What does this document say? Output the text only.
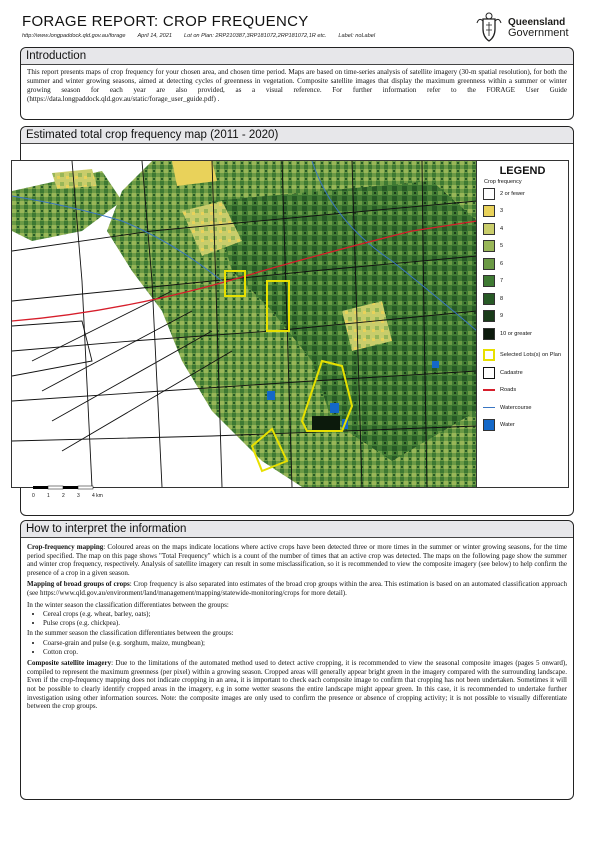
FORAGE REPORT: CROP FREQUENCY
http://www.longpaddock.qld.gov.au/forage April 14, 2021 Lot on Plan: 2RP210387,3RP181072,2RP181072,1R etc. Label: noLabel
Queensland
Government
Introduction

This report presents maps of crop frequency for your chosen area, and chosen time period. Maps are based on time-series analysis of satellite imagery (30-m spatial resolution), for both the summer and winter growing seasons, aimed at detecting cycles of greenness in vegetation. Composite satellite images that display the maximum greenness within a summer or winter growing season for each year are also provided, as a visual reference. For further information refer to the FORAGE User Guide (https://data.longpaddock.qld.gov.au/static/forage_user_guide.pdf) .

Estimated total crop frequency map (2011 - 2020)
LEGEND
Crop frequency
2 or fewer
3
4
5
6
7
8
9
10 or greater
Selected Lots(s) on Plan
Cadastre
Roads
Watercourse
Water
0 1 2 3 4 km
How to interpret the information

Crop-frequency mapping: Coloured areas on the maps indicate locations where active crops have been detected three or more times in the summer or winter growing seasons, for the time period specified. The map on this page shows "Total Frequency" which is a count of the number of times that an active crop was detected. The maps on the following page show the summer and winter crop frequency, respectively. Analysis of satellite imagery can result in some misclassification, so it is recommended to view the composite imagery (see below) to help confirm the presence of a crop in a given season.

Mapping of broad groups of crops: Crop frequency is also separated into estimates of the broad crop groups within the area. This estimation is based on an automated classification approach (see https://www.qld.gov.au/environment/land/management/mapping/statewide-monitoring/crops for more detail).

In the winter season the classification differentiates between the groups:

• Cereal crops (e.g. wheat, barley, oats);
• Pulse crops (e.g. chickpea).

In the summer season the classification differentiates between the groups:

• Coarse-grain and pulse (e.g. sorghum, maize, mungbean);
• Cotton crop.

Composite satellite imagery: Due to the limitations of the automated method used to detect active cropping, it is recommended to view the seasonal composite images (pages 5 onward), compiled to represent the maximum greenness (per pixel) within a growing season. Cropped areas will generally appear bright green in the imagery compared with the surrounding landscape. Even if the crop-frequency mapping does not indicate cropping in an area, it is important to check each composite image to confirm that cropping has not been undertaken. Sometimes it will not be possible to clearly identify cropped areas in the imagery, e.g in some wetter seasons the entire landscape might appear green. In this case, it is recommended to undertake further investigation using other information sources. Note: the composite images are only used to confirm the presence or absence of cropping activity; it is not possible to visually differentiate between the crop groups.
